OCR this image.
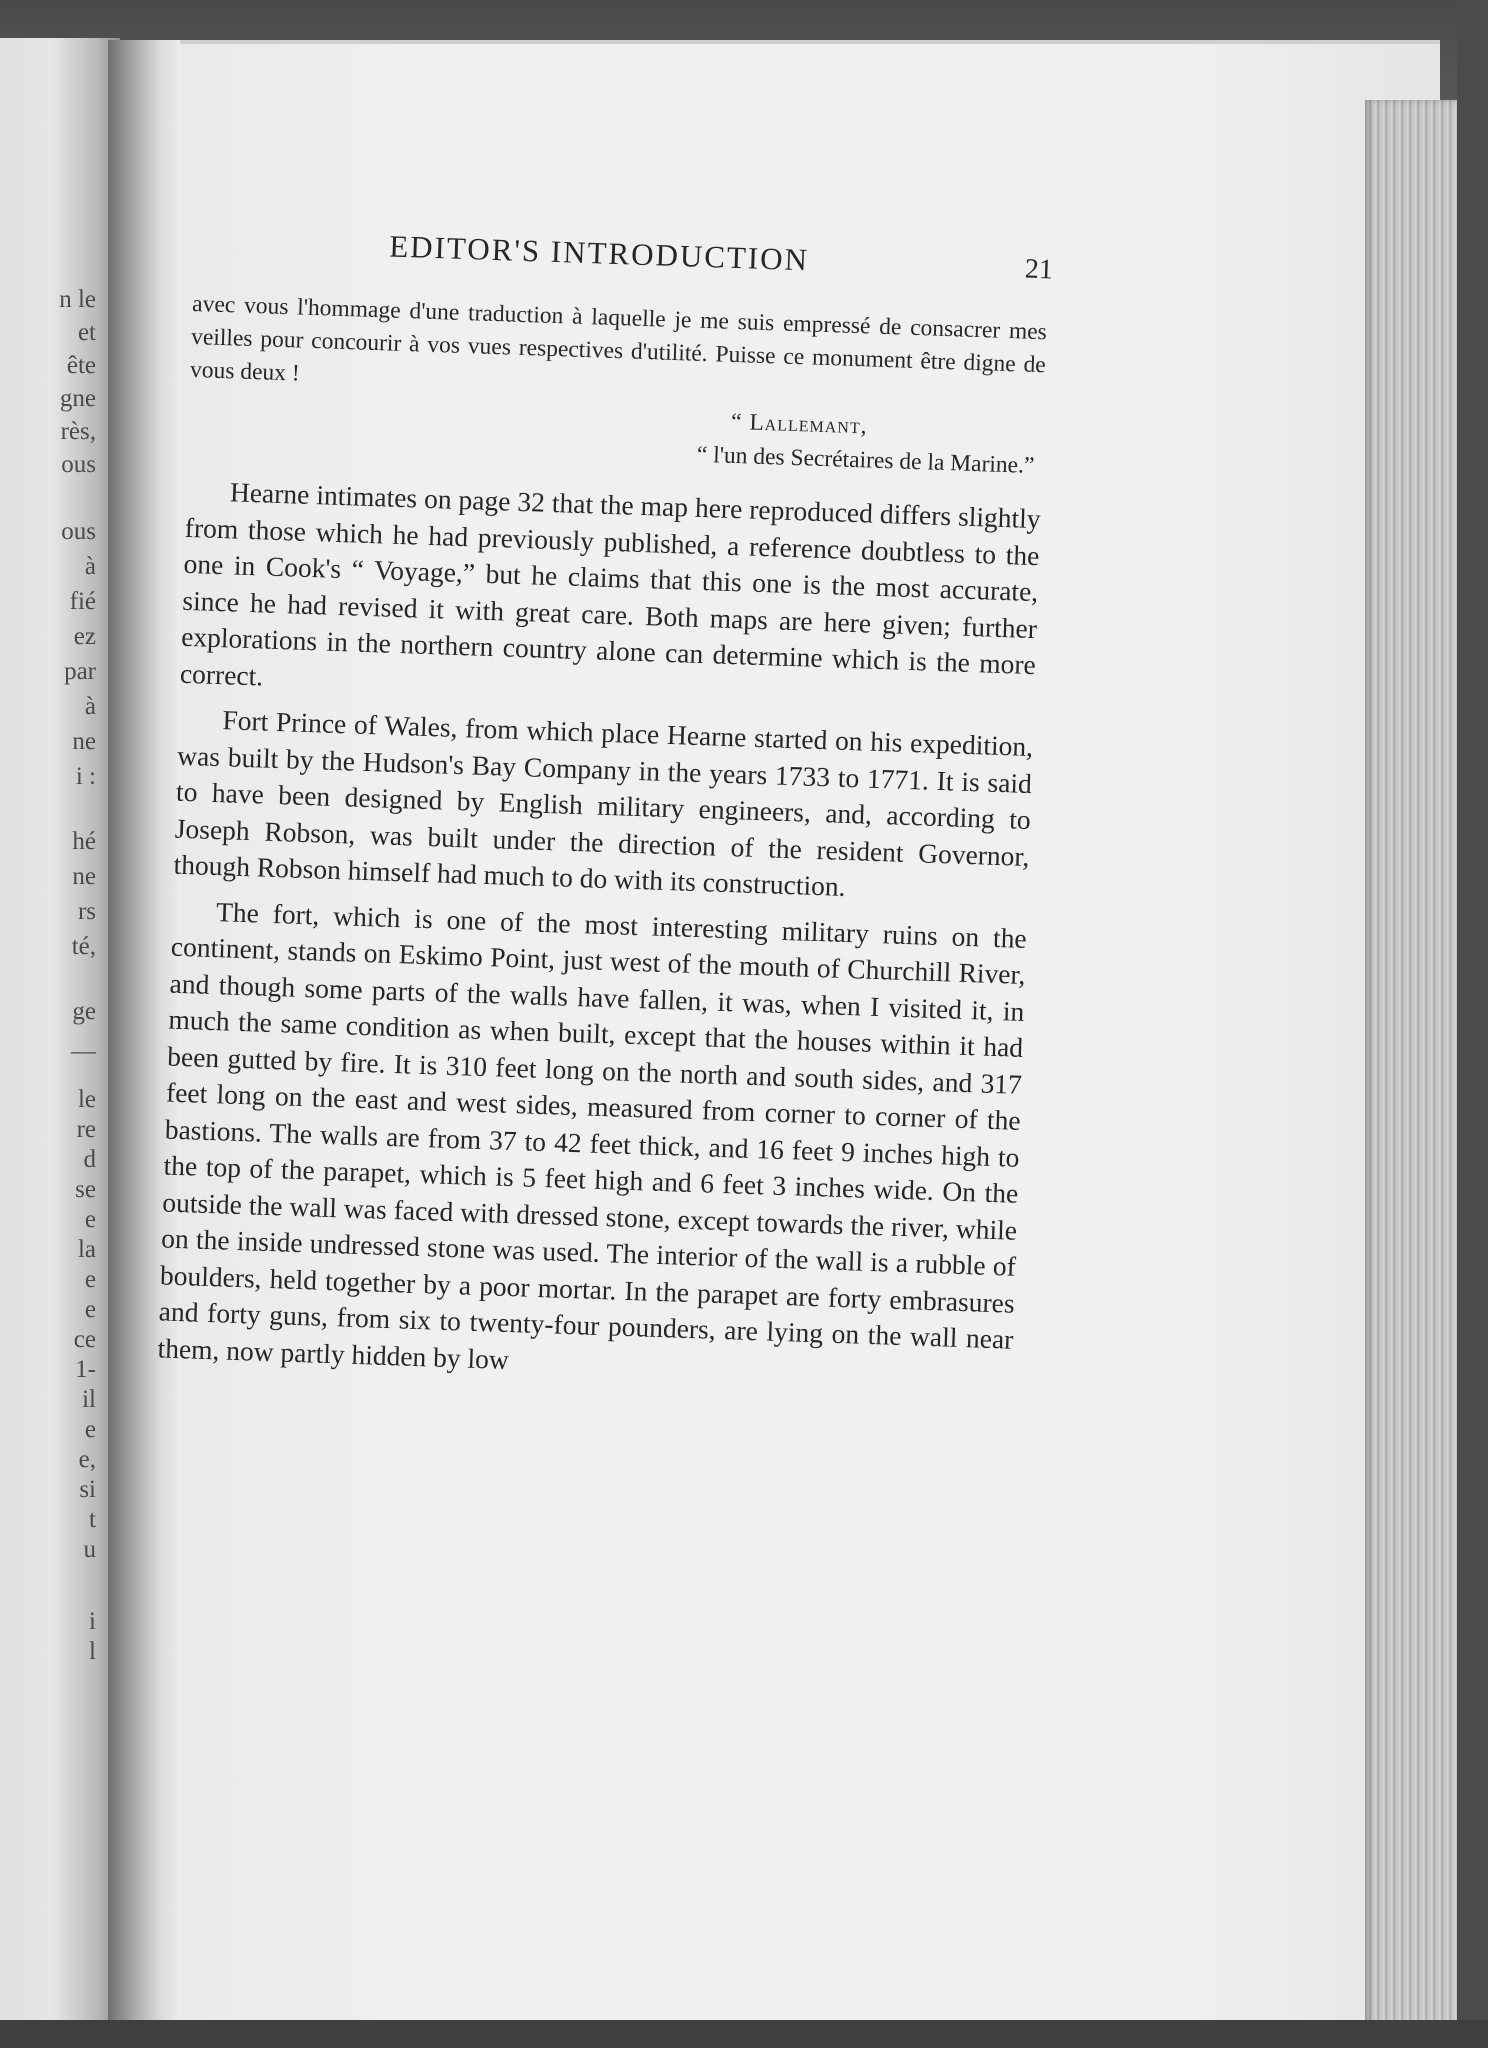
n le
et
ête
gne
rès,
ous
ous
à
fié
ez
par
à
ne
i :
hé
ne
rs
té,
ge
—
le
re
d
se
e
la
e
e
ce
1-
il
e
e,
si
t
u
i
l
EDITOR'S INTRODUCTION	21
avec vous l'hommage d'une traduction à laquelle je me suis empressé de consacrer mes veilles pour concourir à vos vues respectives d'utilité. Puisse ce monument être digne de vous deux !
“ Lallemant,
“ l'un des Secrétaires de la Marine.”

Hearne intimates on page 32 that the map here reproduced differs slightly from those which he had previously published, a reference doubtless to the one in Cook's “ Voyage,” but he claims that this one is the most accurate, since he had revised it with great care. Both maps are here given; further explorations in the northern country alone can determine which is the more correct.

Fort Prince of Wales, from which place Hearne started on his expedition, was built by the Hudson's Bay Company in the years 1733 to 1771. It is said to have been designed by English military engineers, and, according to Joseph Robson, was built under the direction of the resident Governor, though Robson himself had much to do with its construction.

The fort, which is one of the most interesting military ruins on the continent, stands on Eskimo Point, just west of the mouth of Churchill River, and though some parts of the walls have fallen, it was, when I visited it, in much the same condition as when built, except that the houses within it had been gutted by fire. It is 310 feet long on the north and south sides, and 317 feet long on the east and west sides, measured from corner to corner of the bastions. The walls are from 37 to 42 feet thick, and 16 feet 9 inches high to the top of the parapet, which is 5 feet high and 6 feet 3 inches wide. On the outside the wall was faced with dressed stone, except towards the river, while on the inside undressed stone was used. The interior of the wall is a rubble of boulders, held together by a poor mortar. In the parapet are forty embrasures and forty guns, from six to twenty-four pounders, are lying on the wall near them, now partly hidden by low
